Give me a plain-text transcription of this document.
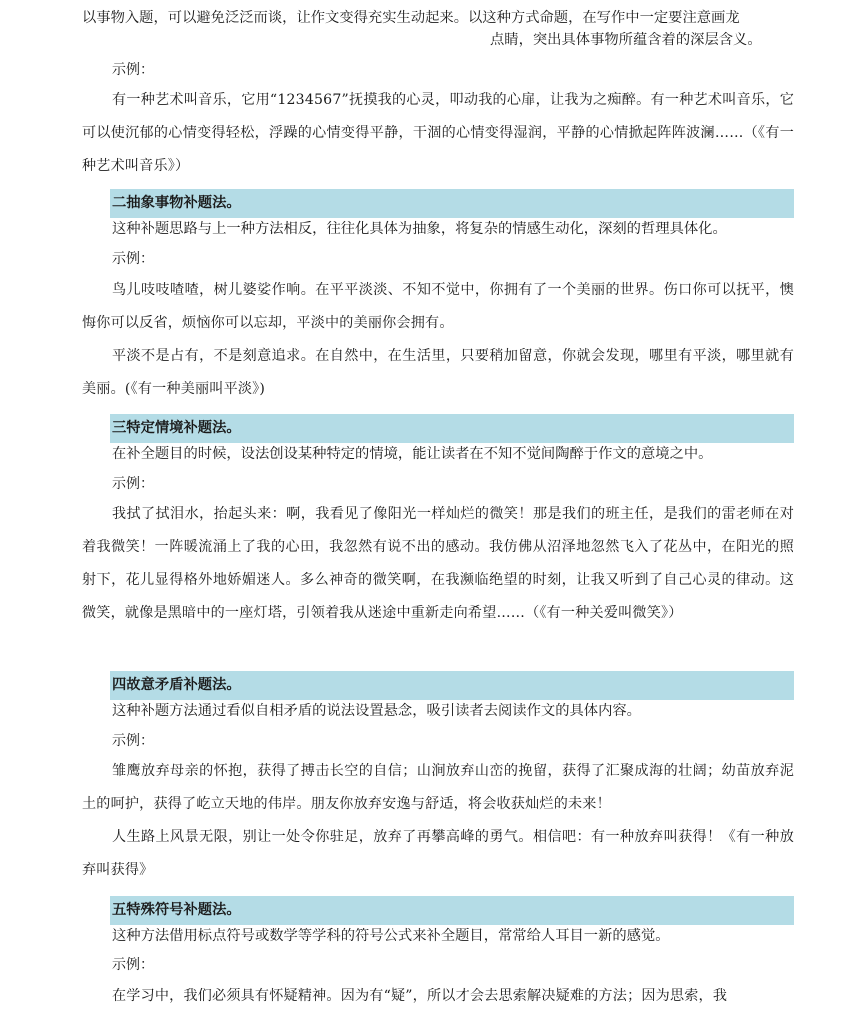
以事物入题，可以避免泛泛而谈，让作文变得充实生动起来。以这种方式命题，在写作中一定要注意画龙
点睛，突出具体事物所蕴含着的深层含义。
示例：

有一种艺术叫音乐，它用“1234567”抚摸我的心灵，叩动我的心扉，让我为之痴醉。有一种艺术叫音乐，它可以使沉郁的心情变得轻松，浮躁的心情变得平静，干涸的心情变得湿润，平静的心情掀起阵阵波澜……（《有一种艺术叫音乐》）

二抽象事物补题法。
这种补题思路与上一种方法相反，往往化具体为抽象，将复杂的情感生动化，深刻的哲理具体化。
示例：

鸟儿吱吱喳喳，树儿婆娑作响。在平平淡淡、不知不觉中，你拥有了一个美丽的世界。伤口你可以抚平，懊悔你可以反省，烦恼你可以忘却，平淡中的美丽你会拥有。

平淡不是占有，不是刻意追求。在自然中，在生活里，只要稍加留意，你就会发现，哪里有平淡，哪里就有美丽。(《有一种美丽叫平淡》)

三特定情境补题法。
在补全题目的时候，设法创设某种特定的情境，能让读者在不知不觉间陶醉于作文的意境之中。
示例：

我拭了拭泪水，抬起头来：啊，我看见了像阳光一样灿烂的微笑！那是我们的班主任，是我们的雷老师在对着我微笑！一阵暖流涌上了我的心田，我忽然有说不出的感动。我仿佛从沼泽地忽然飞入了花丛中，在阳光的照射下，花儿显得格外地娇媚迷人。多么神奇的微笑啊，在我濒临绝望的时刻，让我又听到了自己心灵的律动。这微笑，就像是黑暗中的一座灯塔，引领着我从迷途中重新走向希望……（《有一种关爱叫微笑》）

四故意矛盾补题法。
这种补题方法通过看似自相矛盾的说法设置悬念，吸引读者去阅读作文的具体内容。
示例：

雏鹰放弃母亲的怀抱，获得了搏击长空的自信；山涧放弃山峦的挽留，获得了汇聚成海的壮阔；幼苗放弃泥土的呵护，获得了屹立天地的伟岸。朋友你放弃安逸与舒适，将会收获灿烂的未来！

人生路上风景无限，别让一处令你驻足，放弃了再攀高峰的勇气。相信吧：有一种放弃叫获得！《有一种放弃叫获得》

五特殊符号补题法。
这种方法借用标点符号或数学等学科的符号公式来补全题目，常常给人耳目一新的感觉。
示例：

在学习中，我们必须具有怀疑精神。因为有“疑”，所以才会去思索解决疑难的方法；因为思索，我
